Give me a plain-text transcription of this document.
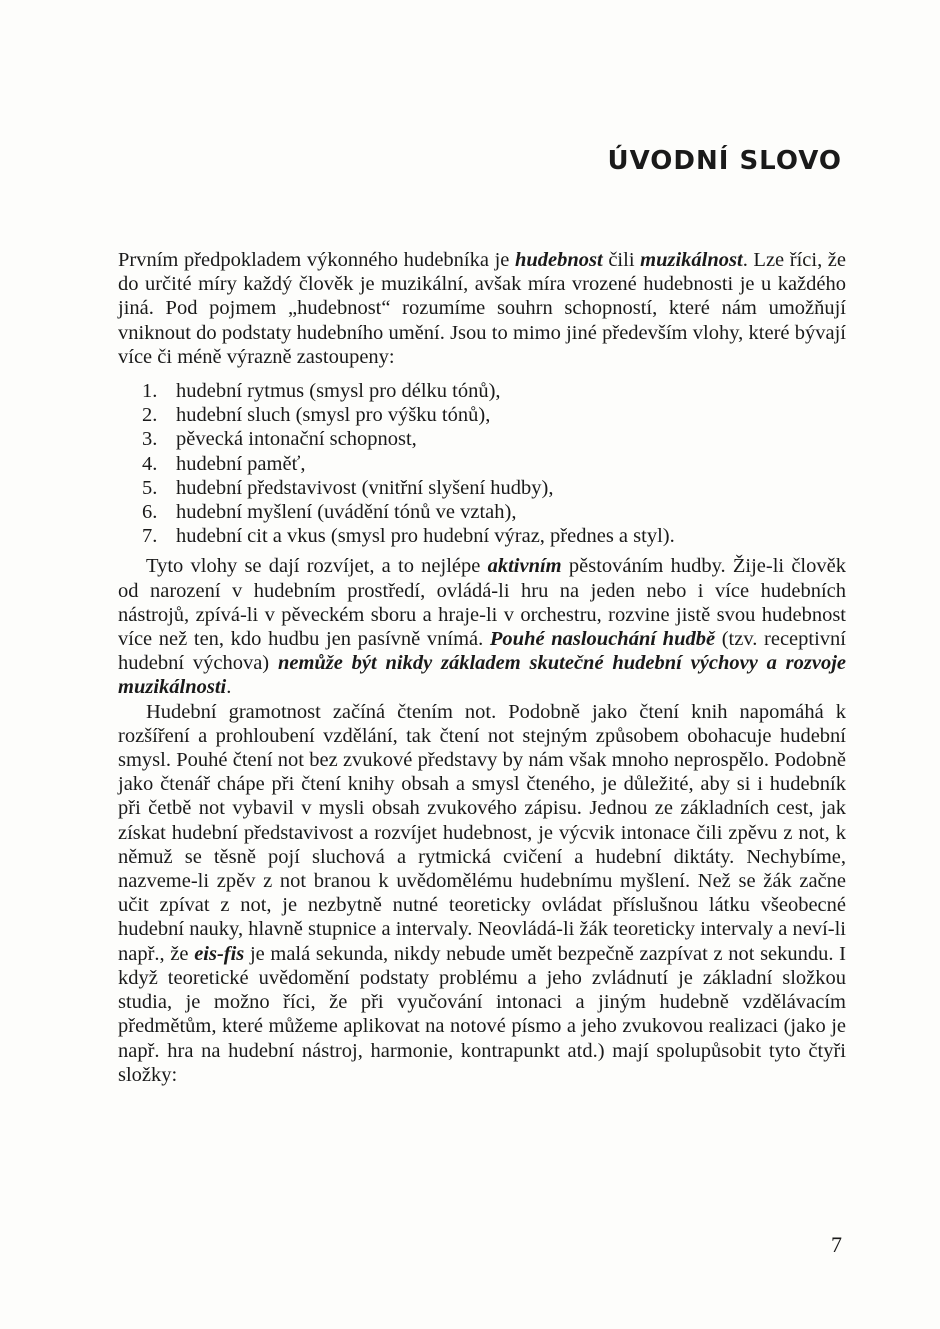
ÚVODNÍ SLOVO

Prvním předpokladem výkonného hudebníka je hudebnost čili muzikálnost. Lze říci, že do určité míry každý člověk je muzikální, avšak míra vrozené hudebnosti je u každého jiná. Pod pojmem „hudebnost“ rozumíme souhrn schopností, které nám umožňují vniknout do podstaty hudebního umění. Jsou to mimo jiné především vlohy, které bývají více či méně výrazně zastoupeny:

1. hudební rytmus (smysl pro délku tónů),
2. hudební sluch (smysl pro výšku tónů),
3. pěvecká intonační schopnost,
4. hudební paměť,
5. hudební představivost (vnitřní slyšení hudby),
6. hudební myšlení (uvádění tónů ve vztah),
7. hudební cit a vkus (smysl pro hudební výraz, přednes a styl).

Tyto vlohy se dají rozvíjet, a to nejlépe aktivním pěstováním hudby. Žije-li člověk od narození v hudebním prostředí, ovládá-li hru na jeden nebo i více hudebních nástrojů, zpívá-li v pěveckém sboru a hraje-li v orchestru, rozvine jistě svou hudebnost více než ten, kdo hudbu jen pasívně vnímá. Pouhé naslouchání hudbě (tzv. receptivní hudební výchova) nemůže být nikdy základem skutečné hudební výchovy a rozvoje muzikálnosti.

Hudební gramotnost začíná čtením not. Podobně jako čtení knih napomáhá k rozšíření a prohloubení vzdělání, tak čtení not stejným způsobem obohacuje hudební smysl. Pouhé čtení not bez zvukové představy by nám však mnoho neprospělo. Podobně jako čtenář chápe při čtení knihy obsah a smysl čteného, je důležité, aby si i hudebník při četbě not vybavil v mysli obsah zvukového zápisu. Jednou ze základních cest, jak získat hudební představivost a rozvíjet hudebnost, je výcvik intonace čili zpěvu z not, k němuž se těsně pojí sluchová a rytmická cvičení a hudební diktáty. Nechybíme, nazveme-li zpěv z not branou k uvědomělému hudebnímu myšlení. Než se žák začne učit zpívat z not, je nezbytně nutné teoreticky ovládat příslušnou látku všeobecné hudební nauky, hlavně stupnice a intervaly. Neovládá-li žák teoreticky intervaly a neví-li např., že eis-fis je malá sekunda, nikdy nebude umět bezpečně zazpívat z not sekundu. I když teoretické uvědomění podstaty problému a jeho zvládnutí je základní složkou studia, je možno říci, že při vyučování intonaci a jiným hudebně vzdělávacím předmětům, které můžeme aplikovat na notové písmo a jeho zvukovou realizaci (jako je např. hra na hudební nástroj, harmonie, kontrapunkt atd.) mají spolupůsobit tyto čtyři složky:

7
